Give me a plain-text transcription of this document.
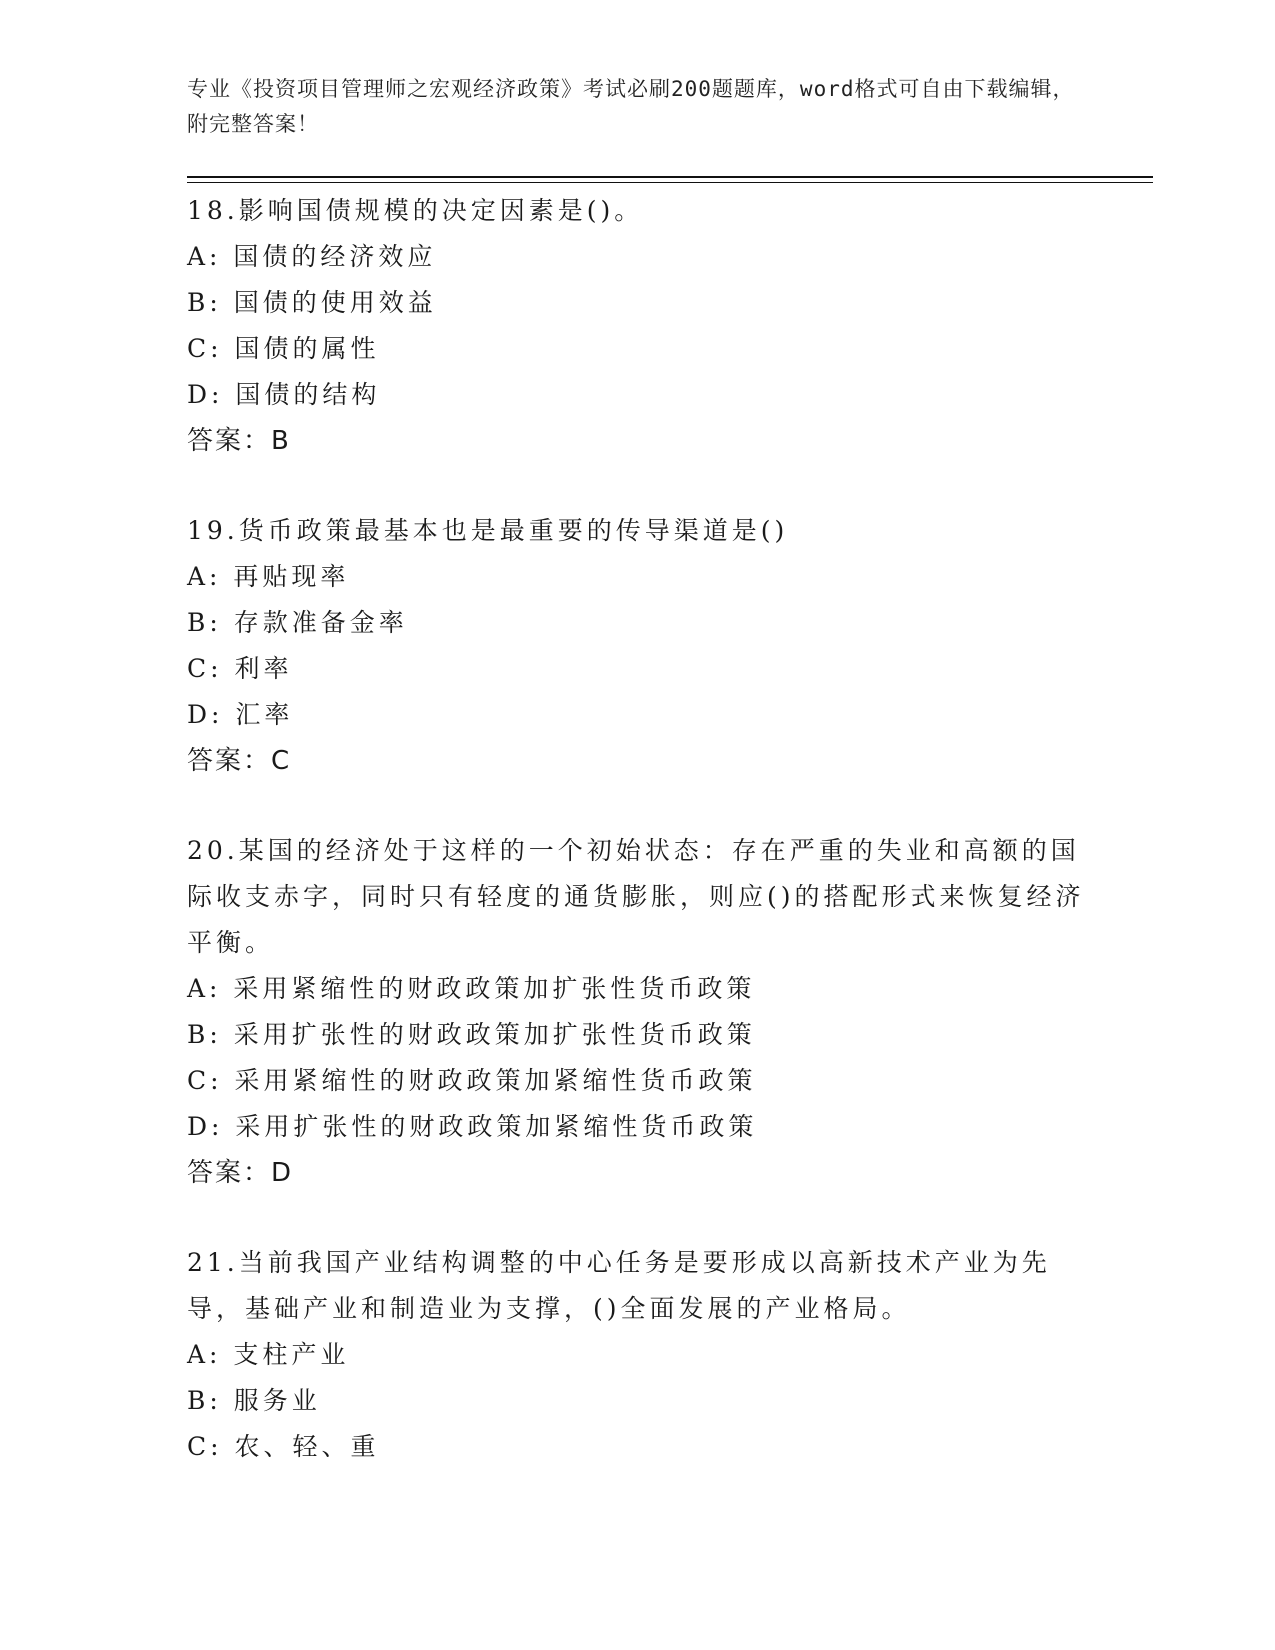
专业《投资项目管理师之宏观经济政策》考试必刷200题题库，word格式可自由下载编辑，附完整答案！
18.影响国债规模的决定因素是()。
A: 国债的经济效应
B: 国债的使用效益
C: 国债的属性
D: 国债的结构
答案：B
19.货币政策最基本也是最重要的传导渠道是()
A: 再贴现率
B: 存款准备金率
C: 利率
D: 汇率
答案：C
20.某国的经济处于这样的一个初始状态：存在严重的失业和高额的国际收支赤字，同时只有轻度的通货膨胀，则应()的搭配形式来恢复经济平衡。
A: 采用紧缩性的财政政策加扩张性货币政策
B: 采用扩张性的财政政策加扩张性货币政策
C: 采用紧缩性的财政政策加紧缩性货币政策
D: 采用扩张性的财政政策加紧缩性货币政策
答案：D
21.当前我国产业结构调整的中心任务是要形成以高新技术产业为先导，基础产业和制造业为支撑，()全面发展的产业格局。
A: 支柱产业
B: 服务业
C: 农、轻、重
